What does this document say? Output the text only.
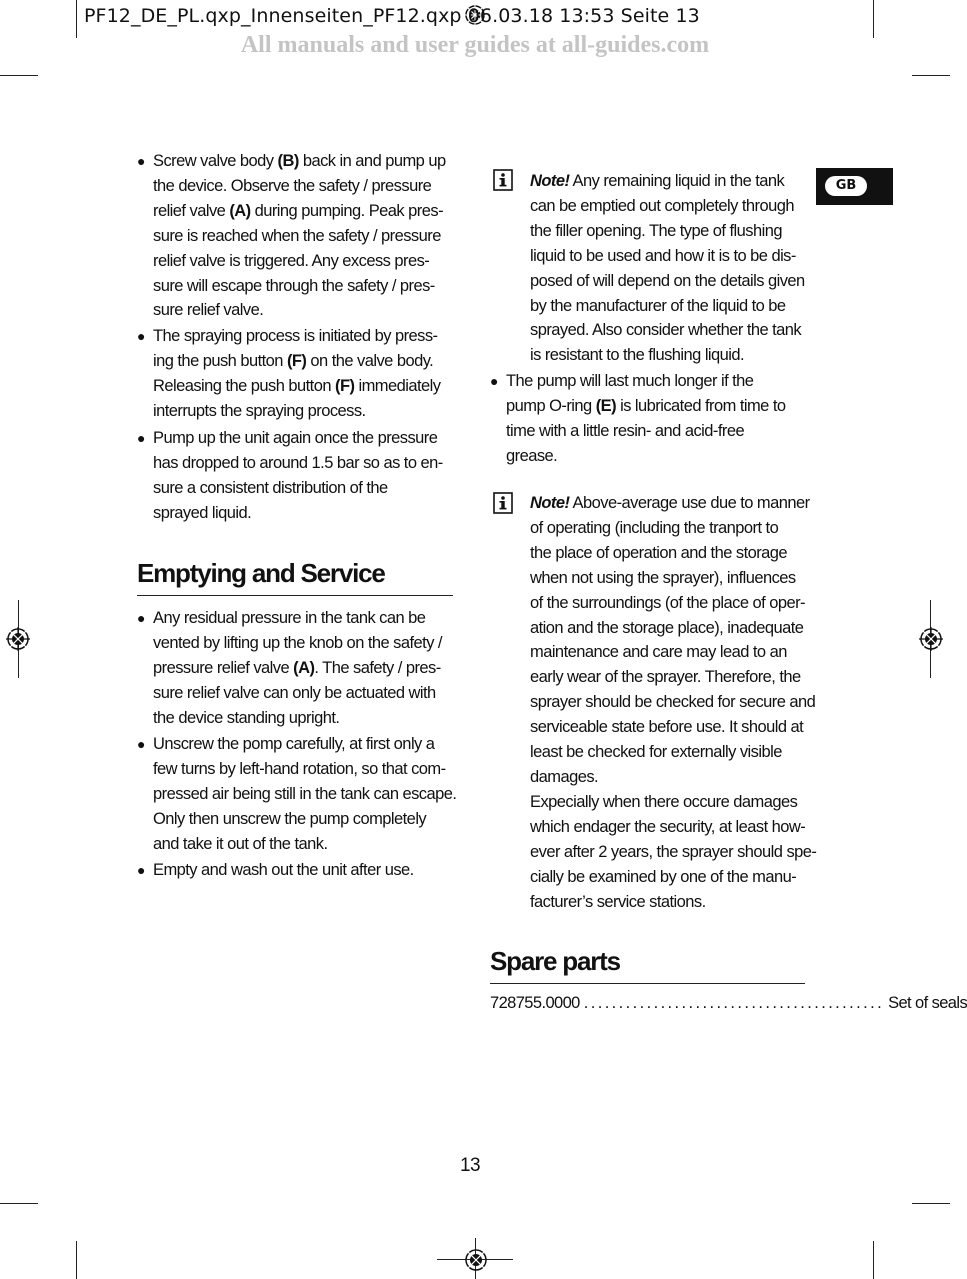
PF12_DE_PL.qxp_Innenseiten_PF12.qxp 06.03.18 13:53 Seite 13
All manuals and user guides at all-guides.com
GB
● Screw valve body (B) back in and pump up
the device. Observe the safety / pressure
relief valve (A) during pumping. Peak pres-
sure is reached when the safety / pressure
relief valve is triggered. Any excess pres-
sure will escape through the safety / pres-
sure relief valve.
● The spraying process is initiated by press-
ing the push button (F) on the valve body.
Releasing the push button (F) immediately
interrupts the spraying process.
● Pump up the unit again once the pressure
has dropped to around 1.5 bar so as to en-
sure a consistent distribution of the
sprayed liquid.
Emptying and Service
● Any residual pressure in the tank can be
vented by lifting up the knob on the safety /
pressure relief valve (A). The safety / pres-
sure relief valve can only be actuated with
the device standing upright.
● Unscrew the pomp carefully, at first only a
few turns by left-hand rotation, so that com-
pressed air being still in the tank can escape.
Only then unscrew the pump completely
and take it out of the tank.
● Empty and wash out the unit after use.
Note! Any remaining liquid in the tank
can be emptied out completely through
the filler opening. The type of flushing
liquid to be used and how it is to be dis-
posed of will depend on the details given
by the manufacturer of the liquid to be
sprayed. Also consider whether the tank
is resistant to the flushing liquid.
● The pump will last much longer if the
pump O-ring (E) is lubricated from time to
time with a little resin- and acid-free
grease.
Note! Above-average use due to manner
of operating (including the tranport to
the place of operation and the storage
when not using the sprayer), influences
of the surroundings (of the place of oper-
ation and the storage place), inadequate
maintenance and care may lead to an
early wear of the sprayer. Therefore, the
sprayer should be checked for secure and
serviceable state before use. It should at
least be checked for externally visible
damages.
Expecially when there occure damages
which endager the security, at least how-
ever after 2 years, the sprayer should spe-
cially be examined by one of the manu-
facturer’s service stations.
Spare parts
728755.0000 ........................................... Set of seals
13
